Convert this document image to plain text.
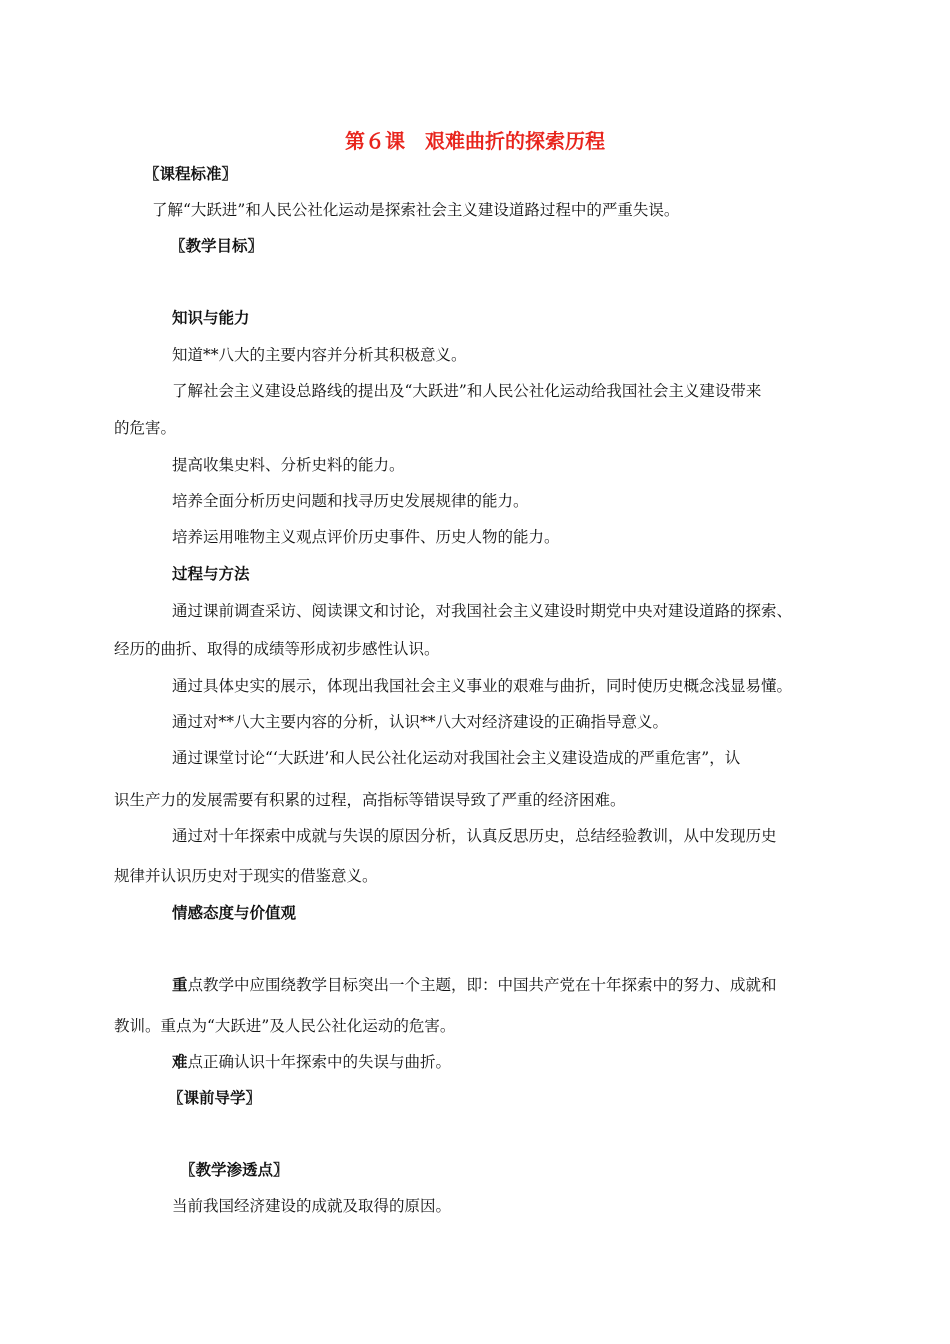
第６课　艰难曲折的探索历程
〖课程标准〗
了解“大跃进”和人民公社化运动是探索社会主义建设道路过程中的严重失误。
〖教学目标〗
知识与能力
知道**八大的主要内容并分析其积极意义。
了解社会主义建设总路线的提出及“大跃进”和人民公社化运动给我国社会主义建设带来
的危害。
提高收集史料、分析史料的能力。
培养全面分析历史问题和找寻历史发展规律的能力。
培养运用唯物主义观点评价历史事件、历史人物的能力。
过程与方法
通过课前调查采访、阅读课文和讨论，对我国社会主义建设时期党中央对建设道路的探索、
经历的曲折、取得的成绩等形成初步感性认识。
通过具体史实的展示，体现出我国社会主义事业的艰难与曲折，同时使历史概念浅显易懂。
通过对**八大主要内容的分析，认识**八大对经济建设的正确指导意义。
通过课堂讨论“‘大跃进’和人民公社化运动对我国社会主义建设造成的严重危害”，认
识生产力的发展需要有积累的过程，高指标等错误导致了严重的经济困难。
通过对十年探索中成就与失误的原因分析，认真反思历史，总结经验教训，从中发现历史
规律并认识历史对于现实的借鉴意义。
情感态度与价值观
重点教学中应围绕教学目标突出一个主题，即：中国共产党在十年探索中的努力、成就和
教训。重点为“大跃进”及人民公社化运动的危害。
难点正确认识十年探索中的失误与曲折。
〖课前导学〗
〖教学渗透点〗
当前我国经济建设的成就及取得的原因。
